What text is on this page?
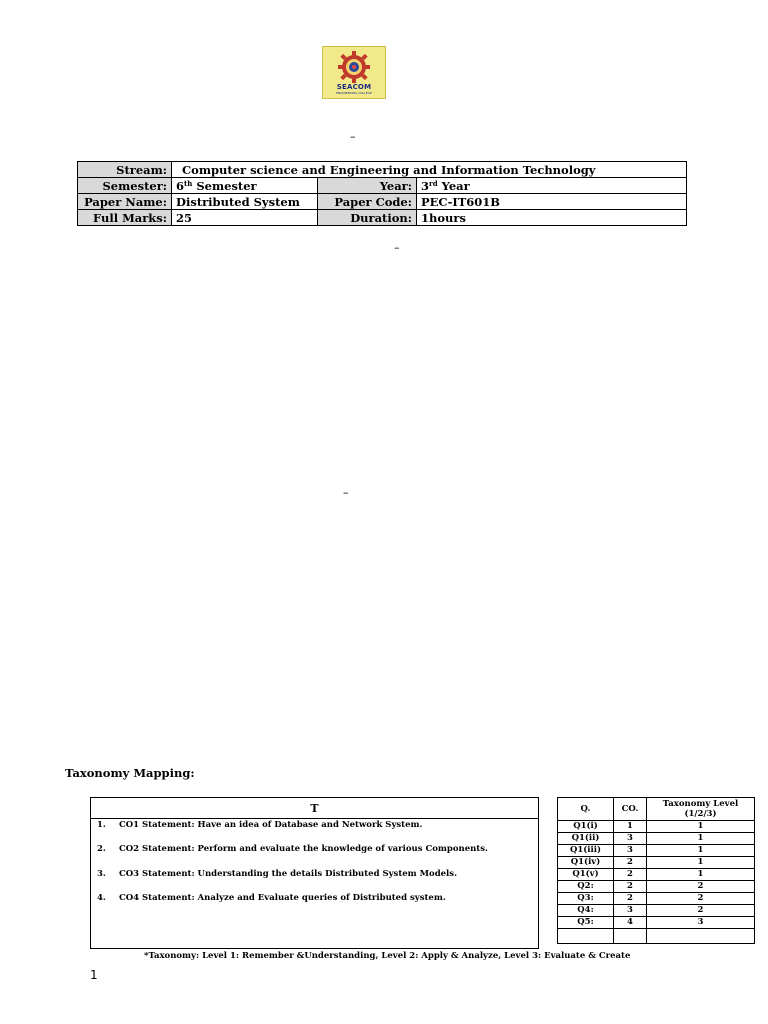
SEACOM
ENGINEERING COLLEGE
–
Stream:	Computer science and Engineering and Information Technology		
Semester:	6th Semester	Year:	3rd Year
Paper Name:	Distributed System	Paper Code:	PEC-IT601B
Full Marks:	25	Duration:	1hours
–
–
Taxonomy Mapping:
T
1. CO1 Statement: Have an idea of Database and Network System.
2. CO2 Statement: Perform and evaluate the knowledge of various Components.
3. CO3 Statement: Understanding the details Distributed System Models.
4. CO4 Statement: Analyze and Evaluate queries of Distributed system.
Q.	CO.	Taxonomy Level (1/2/3)
Q1(i)	1	1
Q1(ii)	3	1
Q1(iii)	3	1
Q1(iv)	2	1
Q1(v)	2	1
Q2:	2	2
Q3:	2	2
Q4:	3	2
Q5:	4	3

*Taxonomy: Level 1: Remember &Understanding, Level 2: Apply & Analyze, Level 3: Evaluate & Create
1
